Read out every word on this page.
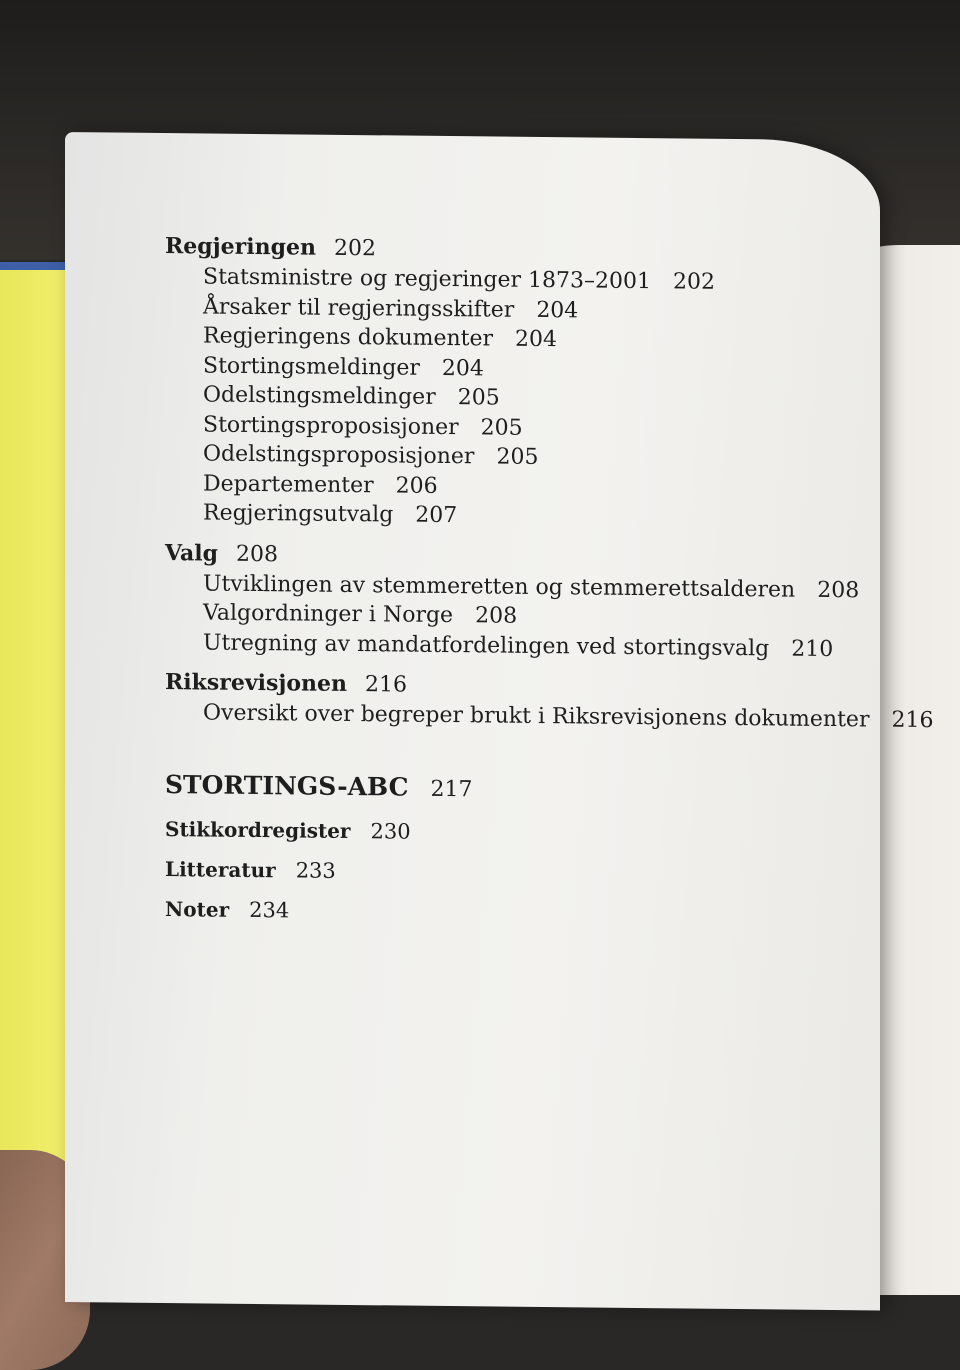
Regjeringen 202
Statsministre og regjeringer 1873–2001 202
Årsaker til regjeringsskifter 204
Regjeringens dokumenter 204
Stortingsmeldinger 204
Odelstingsmeldinger 205
Stortingsproposisjoner 205
Odelstingsproposisjoner 205
Departementer 206
Regjeringsutvalg 207
Valg 208
Utviklingen av stemmeretten og stemmerettsalderen 208
Valgordninger i Norge 208
Utregning av mandatfordelingen ved stortingsvalg 210
Riksrevisjonen 216
Oversikt over begreper brukt i Riksrevisjonens dokumenter 216
STORTINGS-ABC 217
Stikkordregister 230
Litteratur 233
Noter 234
